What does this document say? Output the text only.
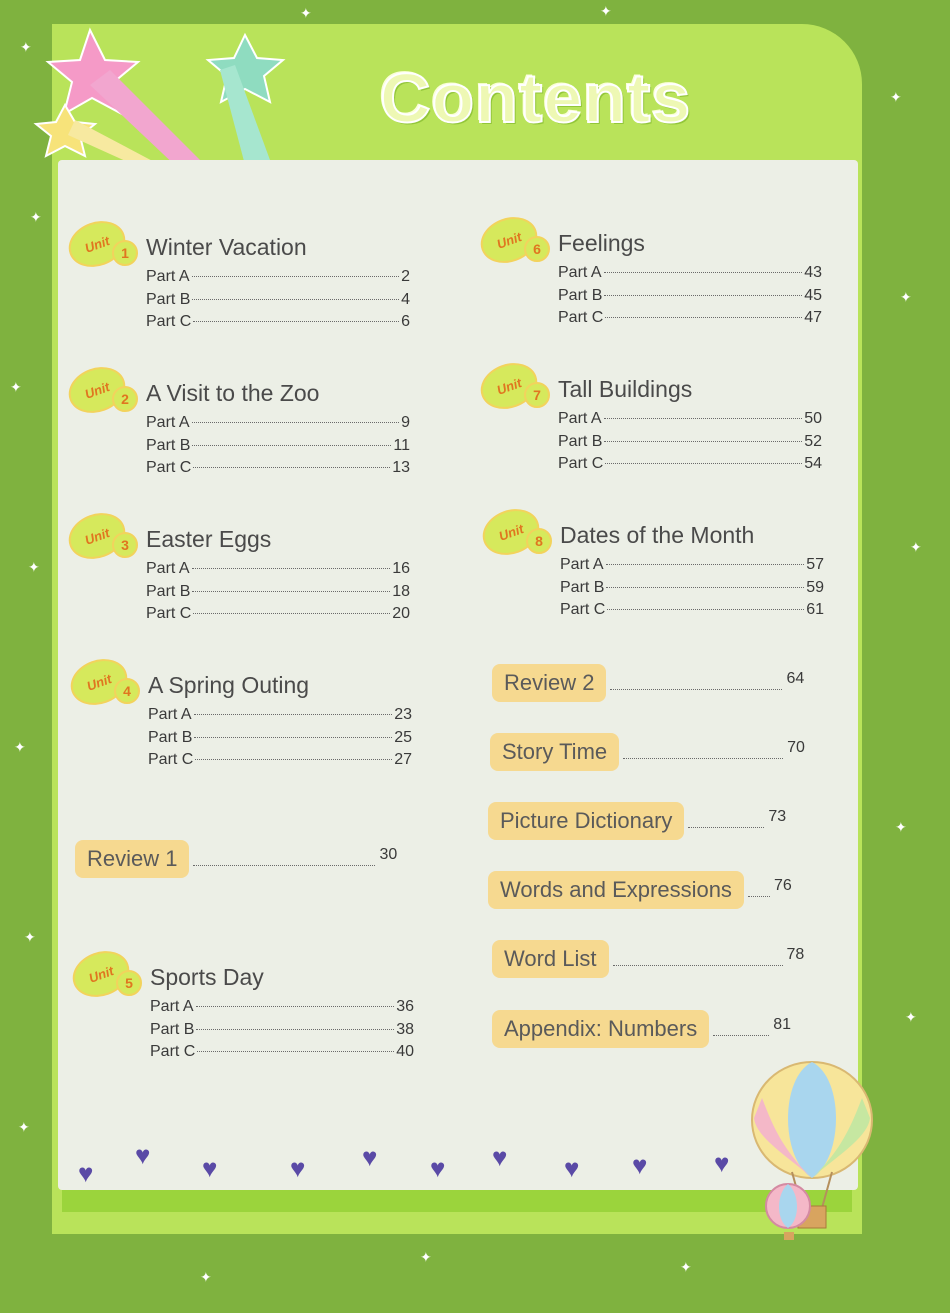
✦
✦
✦
✦
✦
✦
✦
✦
✦
✦
✦
✦
✦	✦
✦
✦
✦
Contents
Unit 1 Winter Vacation
Part A	2
Part B	4
Part C	6
Unit 2 A Visit to the Zoo
Part A	9
Part B	11
Part C	13
Unit 3 Easter Eggs
Part A	16
Part B	18
Part C	20
Unit 4 A Spring Outing
Part A	23
Part B	25
Part C	27
Review 1	30
Unit 5 Sports Day
Part A	36
Part B	38
Part C	40
Unit 6 Feelings
Part A	43
Part B	45
Part C	47
Unit 7 Tall Buildings
Part A	50
Part B	52
Part C	54
Unit 8 Dates of the Month
Part A	57
Part B	59
Part C	61
Review 2	64
Story Time	70
Picture Dictionary	73
Words and Expressions	76
Word List	78
Appendix: Numbers	81
♥
♥ ♥	♥ ♥ ♥ ♥ ♥ ♥	♥
